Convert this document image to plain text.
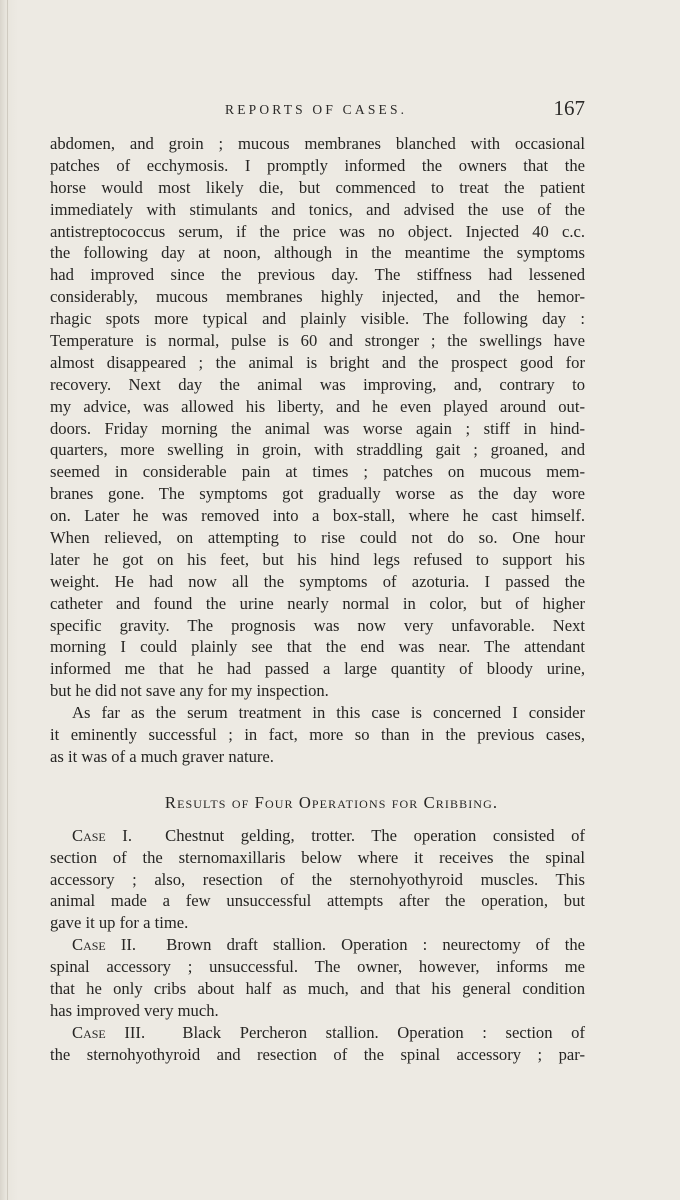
REPORTS OF CASES.	167
abdomen, and groin ; mucous membranes blanched with occasional
patches of ecchymosis. I promptly informed the owners that the
horse would most likely die, but commenced to treat the patient
immediately with stimulants and tonics, and advised the use of the
antistreptococcus serum, if the price was no object. Injected 40 c.c.
the following day at noon, although in the meantime the symptoms
had improved since the previous day. The stiffness had lessened
considerably, mucous membranes highly injected, and the hemor-
rhagic spots more typical and plainly visible. The following day :
Temperature is normal, pulse is 60 and stronger ; the swellings have
almost disappeared ; the animal is bright and the prospect good for
recovery. Next day the animal was improving, and, contrary to
my advice, was allowed his liberty, and he even played around out-
doors. Friday morning the animal was worse again ; stiff in hind-
quarters, more swelling in groin, with straddling gait ; groaned, and
seemed in considerable pain at times ; patches on mucous mem-
branes gone. The symptoms got gradually worse as the day wore
on. Later he was removed into a box-stall, where he cast himself.
When relieved, on attempting to rise could not do so. One hour
later he got on his feet, but his hind legs refused to support his
weight. He had now all the symptoms of azoturia. I passed the
catheter and found the urine nearly normal in color, but of higher
specific gravity. The prognosis was now very unfavorable. Next
morning I could plainly see that the end was near. The attendant
informed me that he had passed a large quantity of bloody urine,
but he did not save any for my inspection.
As far as the serum treatment in this case is concerned I consider
it eminently successful ; in fact, more so than in the previous cases,
as it was of a much graver nature.
Results of Four Operations for Cribbing.
Case I. Chestnut gelding, trotter. The operation consisted of
section of the sternomaxillaris below where it receives the spinal
accessory ; also, resection of the sternohyothyroid muscles. This
animal made a few unsuccessful attempts after the operation, but
gave it up for a time.
Case II. Brown draft stallion. Operation : neurectomy of the
spinal accessory ; unsuccessful. The owner, however, informs me
that he only cribs about half as much, and that his general condition
has improved very much.
Case III. Black Percheron stallion. Operation : section of
the sternohyothyroid and resection of the spinal accessory ; par-
